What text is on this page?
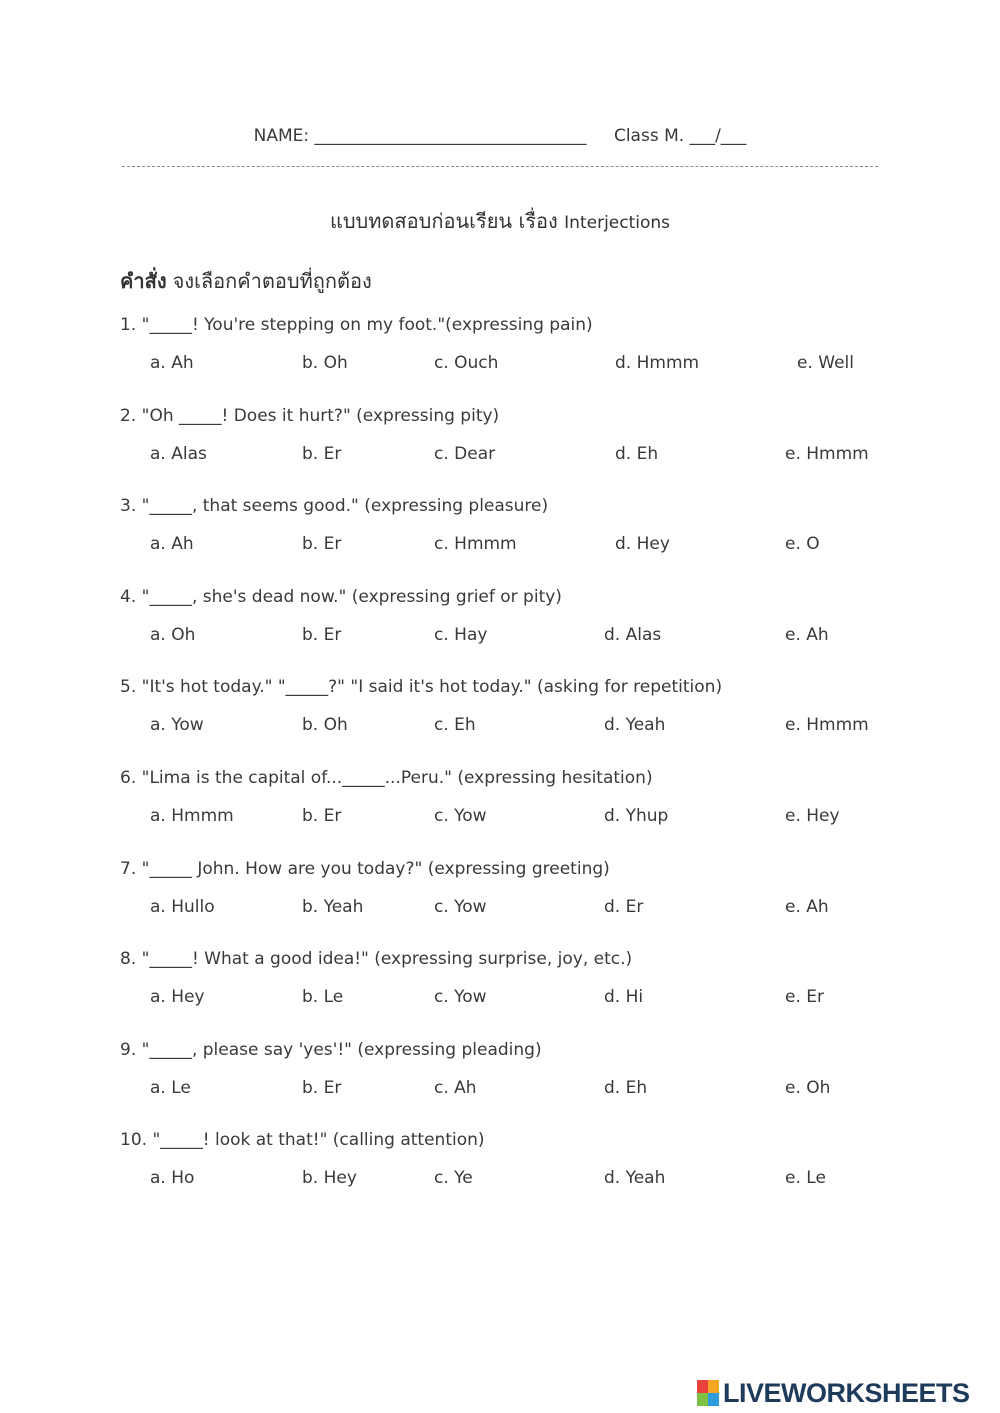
NAME: ________________________________ Class M. ___/___
แบบทดสอบก่อนเรียน เรื่อง Interjections
คำสั่ง จงเลือกคำตอบที่ถูกต้อง
1. "_____! You're stepping on my foot."(expressing pain)
a. Ah	b. Oh	c. Ouch	d. Hmmm	e. Well
2. "Oh _____! Does it hurt?" (expressing pity)
a. Alas	b. Er	c. Dear	d. Eh	e. Hmmm
3. "_____, that seems good." (expressing pleasure)
a. Ah	b. Er	c. Hmmm	d. Hey	e. O
4. "_____, she's dead now." (expressing grief or pity)
a. Oh	b. Er	c. Hay	d. Alas	e. Ah
5. "It's hot today." "_____?" "I said it's hot today." (asking for repetition)
a. Yow	b. Oh	c. Eh	d. Yeah	e. Hmmm
6. "Lima is the capital of..._____...Peru." (expressing hesitation)
a. Hmmm	b. Er	c. Yow	d. Yhup	e. Hey
7. "_____ John. How are you today?" (expressing greeting)
a. Hullo	b. Yeah	c. Yow	d. Er	e. Ah
8. "_____! What a good idea!" (expressing surprise, joy, etc.)
a. Hey	b. Le	c. Yow	d. Hi	e. Er
9. "_____, please say 'yes'!" (expressing pleading)
a. Le	b. Er	c. Ah	d. Eh	e. Oh
10. "_____! look at that!" (calling attention)
a. Ho	b. Hey	c. Ye	d. Yeah	e. Le
LIVEWORKSHEETS
